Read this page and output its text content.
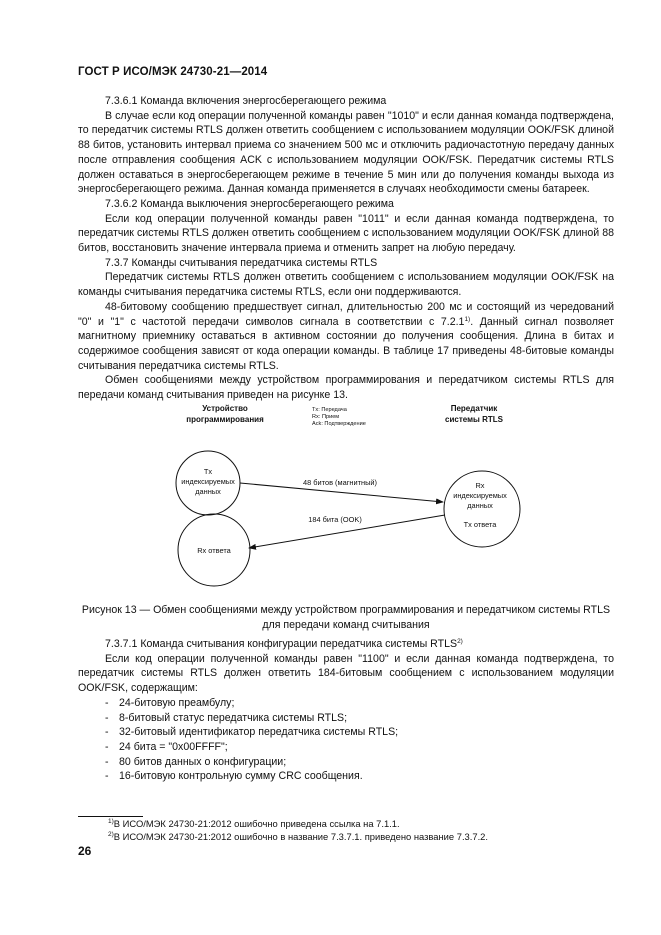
ГОСТ Р ИСО/МЭК 24730-21—2014

7.3.6.1 Команда включения энергосберегающего режима

В случае если код операции полученной команды равен "1010" и если данная команда подтверждена, то передатчик системы RTLS должен ответить сообщением с использованием модуляции OOK/FSK длиной 88 битов, установить интервал приема со значением 500 мс и отключить радиочастотную передачу данных после отправления сообщения ACK с использованием модуляции OOK/FSK. Передатчик системы RTLS должен оставаться в энергосберегающем режиме в течение 5 мин или до получения команды выхода из энергосберегающего режима. Данная команда применяется в случаях необходимости смены батареек.

7.3.6.2 Команда выключения энергосберегающего режима

Если код операции полученной команды равен "1011" и если данная команда подтверждена, то передатчик системы RTLS должен ответить сообщением с использованием модуляции OOK/FSK длиной 88 битов, восстановить значение интервала приема и отменить запрет на любую передачу.

7.3.7 Команды считывания передатчика системы RTLS

Передатчик системы RTLS должен ответить сообщением с использованием модуляции OOK/FSK на команды считывания передатчика системы RTLS, если они поддерживаются.

48-битовому сообщению предшествует сигнал, длительностью 200 мс и состоящий из чередований "0" и "1" с частотой передачи символов сигнала в соответствии с 7.2.1$^{1)}$. Данный сигнал позволяет магнитному приемнику оставаться в активном состоянии до получения сообщения. Длина в битах и содержимое сообщения зависят от кода операции команды. В таблице 17 приведены 48-битовые команды считывания передатчика системы RTLS.

Обмен сообщениями между устройством программирования и передатчиком системы RTLS для передачи команд считывания приведен на рисунке 13.

Устройство
программирования
Tx: Передача
Rx: Прием
Ack: Подтверждение
Передатчик
системы RTLS
Tx
индексируемых
данных
Rx
индексируемых
данных
Tx ответа
Rx ответа
48 битов (магнитный)
184 бита (OOK)
Рисунок 13 — Обмен сообщениями между устройством программирования и передатчиком системы RTLS для передачи команд считывания

7.3.7.1 Команда считывания конфигурации передатчика системы RTLS$^{2)}$

Если код операции полученной команды равен "1100" и если данная команда подтверждена, то передатчик системы RTLS должен ответить 184-битовым сообщением с использованием модуляции OOK/FSK, содержащим:

- 24-битовую преамбулу;
- 8-битовый статус передатчика системы RTLS;
- 32-битовый идентификатор передатчика системы RTLS;
- 24 бита = "0x00FFFF";
- 80 битов данных о конфигурации;
- 16-битовую контрольную сумму CRC сообщения.

$^{1)}$В ИСО/МЭК 24730-21:2012 ошибочно приведена ссылка на 7.1.1.

$^{2)}$В ИСО/МЭК 24730-21:2012 ошибочно в название 7.3.7.1. приведено название 7.3.7.2.

26
